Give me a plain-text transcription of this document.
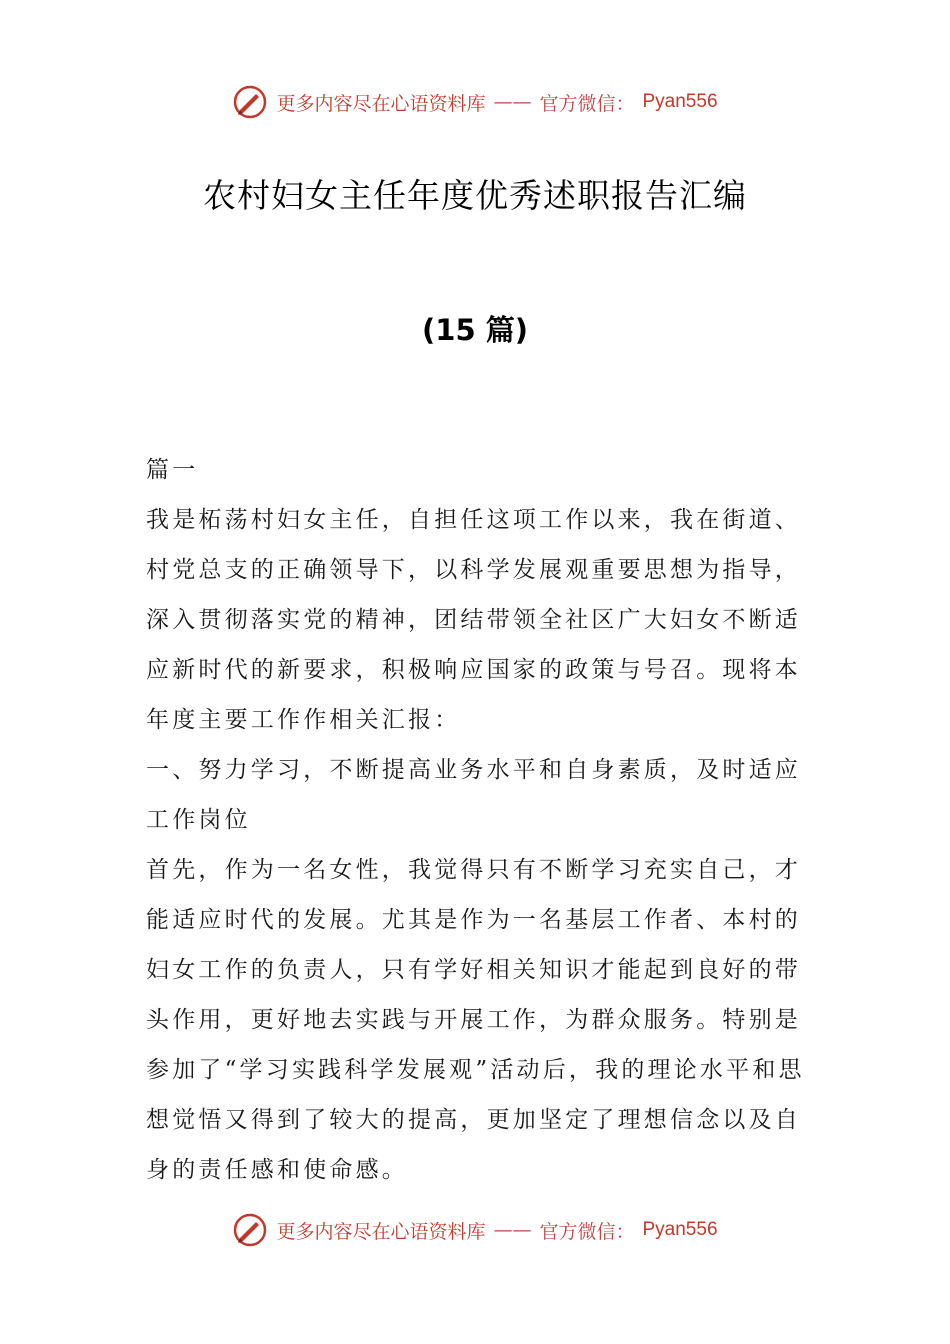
更多内容尽在心语资料库 —— 官方微信： Pyan556
农村妇女主任年度优秀述职报告汇编
(15 篇)

篇一

我是柘荡村妇女主任，自担任这项工作以来，我在街道、村党总支的正确领导下，以科学发展观重要思想为指导，深入贯彻落实党的精神，团结带领全社区广大妇女不断适应新时代的新要求，积极响应国家的政策与号召。现将本年度主要工作作相关汇报：

一、努力学习，不断提高业务水平和自身素质，及时适应工作岗位

首先，作为一名女性，我觉得只有不断学习充实自己，才能适应时代的发展。尤其是作为一名基层工作者、本村的妇女工作的负责人，只有学好相关知识才能起到良好的带头作用，更好地去实践与开展工作，为群众服务。特别是参加了“学习实践科学发展观”活动后，我的理论水平和思想觉悟又得到了较大的提高，更加坚定了理想信念以及自身的责任感和使命感。

更多内容尽在心语资料库 —— 官方微信： Pyan556
